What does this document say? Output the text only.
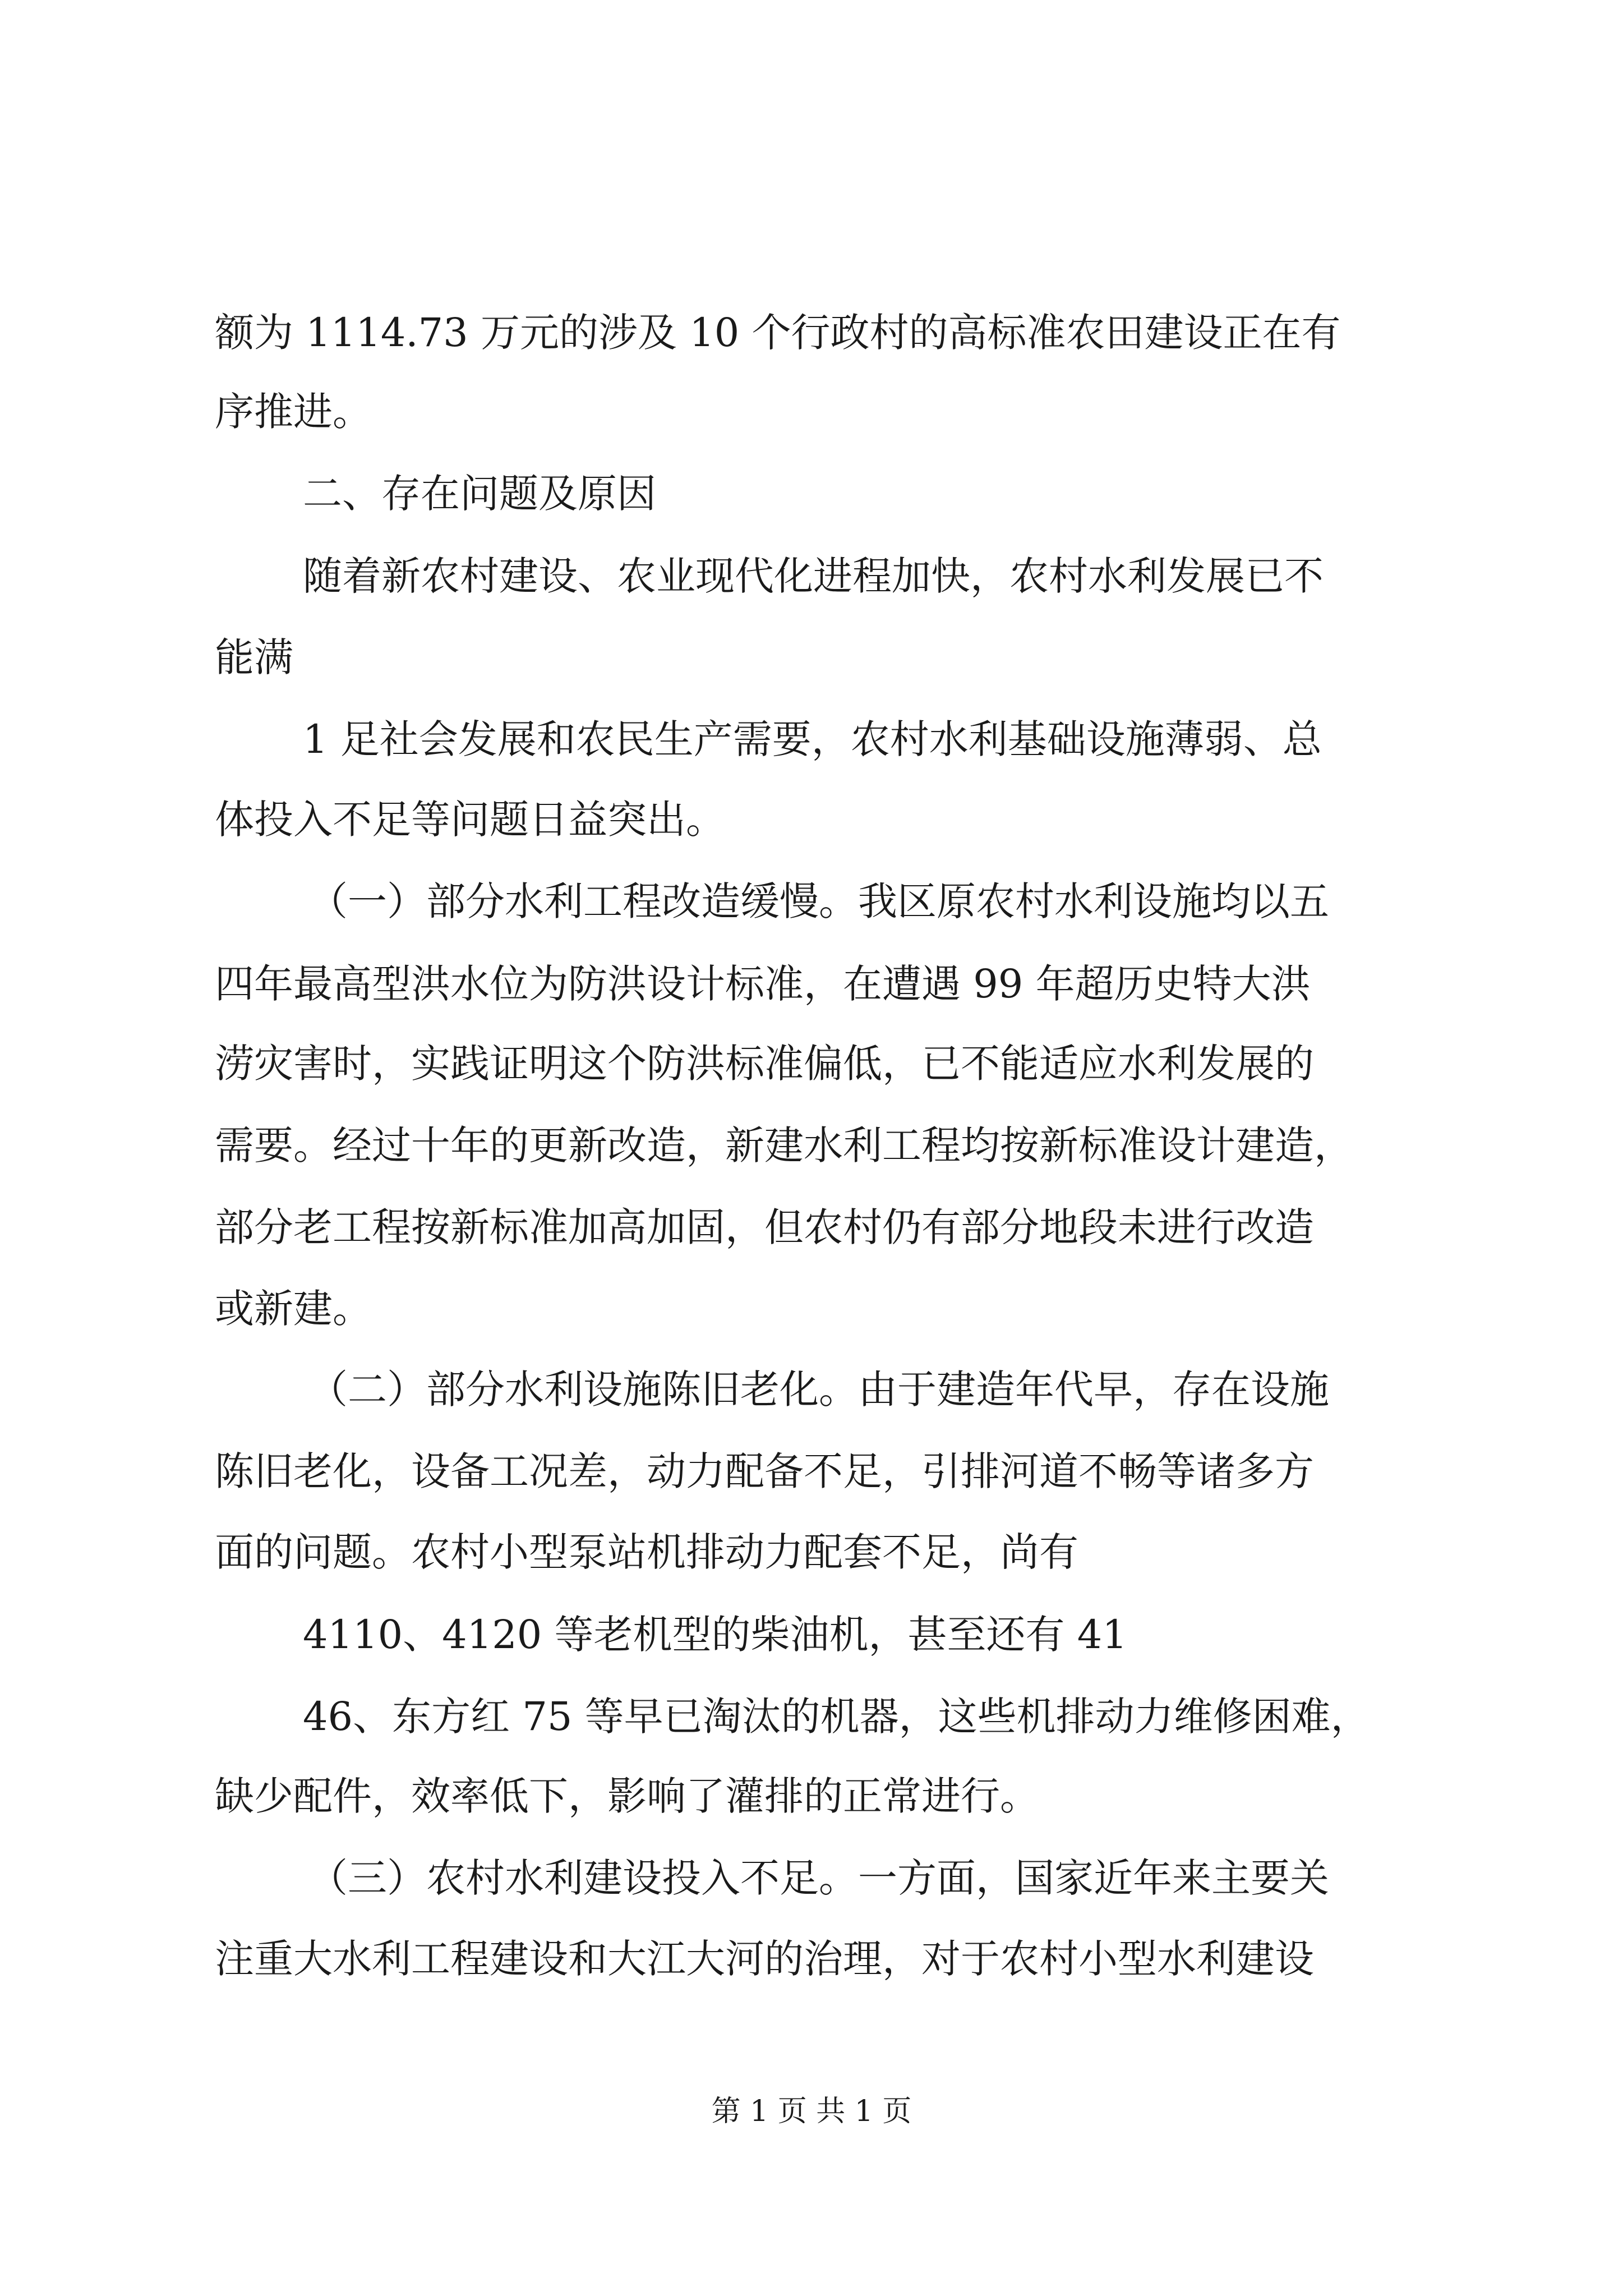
额为 1114.73 万元的涉及 10 个行政村的高标准农田建设正在有
序推进。
二、存在问题及原因
随着新农村建设、农业现代化进程加快，农村水利发展已不
能满
1 足社会发展和农民生产需要，农村水利基础设施薄弱、总
体投入不足等问题日益突出。
（一）部分水利工程改造缓慢。我区原农村水利设施均以五
四年最高型洪水位为防洪设计标准，在遭遇 99 年超历史特大洪
涝灾害时，实践证明这个防洪标准偏低，已不能适应水利发展的
需要。经过十年的更新改造，新建水利工程均按新标准设计建造，
部分老工程按新标准加高加固，但农村仍有部分地段未进行改造
或新建。
（二）部分水利设施陈旧老化。由于建造年代早，存在设施
陈旧老化，设备工况差，动力配备不足，引排河道不畅等诸多方
面的问题。农村小型泵站机排动力配套不足，尚有
4110、4120 等老机型的柴油机，甚至还有 41
46、东方红 75 等早已淘汰的机器，这些机排动力维修困难，
缺少配件，效率低下，影响了灌排的正常进行。
（三）农村水利建设投入不足。一方面，国家近年来主要关
注重大水利工程建设和大江大河的治理，对于农村小型水利建设
第 1 页 共 1 页
